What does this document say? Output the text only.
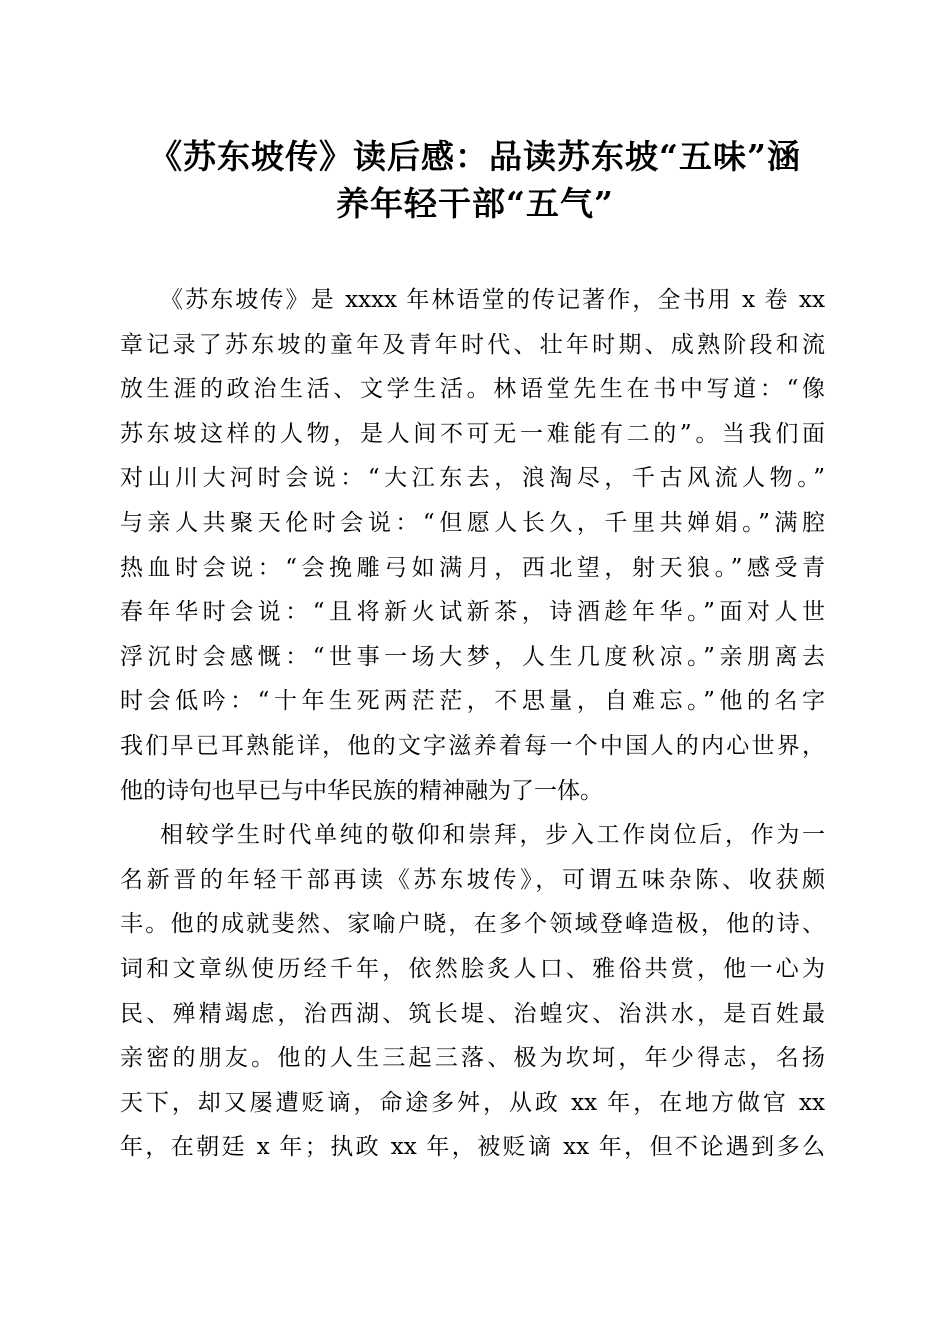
《苏东坡传》读后感：品读苏东坡“五味”涵
养年轻干部“五气”
《苏东坡传》是 xxxx 年林语堂的传记著作，全书用 x 卷 xx
章记录了苏东坡的童年及青年时代、壮年时期、成熟阶段和流
放生涯的政治生活、文学生活。林语堂先生在书中写道：“像
苏东坡这样的人物，是人间不可无一难能有二的”。当我们面
对山川大河时会说：“大江东去，浪淘尽，千古风流人物。”
与亲人共聚天伦时会说：“但愿人长久，千里共婵娟。”满腔
热血时会说：“会挽雕弓如满月，西北望，射天狼。”感受青
春年华时会说：“且将新火试新茶，诗酒趁年华。”面对人世
浮沉时会感慨：“世事一场大梦，人生几度秋凉。”亲朋离去
时会低吟：“十年生死两茫茫，不思量，自难忘。”他的名字
我们早已耳熟能详，他的文字滋养着每一个中国人的内心世界，
他的诗句也早已与中华民族的精神融为了一体。
相较学生时代单纯的敬仰和崇拜，步入工作岗位后，作为一
名新晋的年轻干部再读《苏东坡传》，可谓五味杂陈、收获颇
丰。他的成就斐然、家喻户晓，在多个领域登峰造极，他的诗、
词和文章纵使历经千年，依然脍炙人口、雅俗共赏，他一心为
民、殚精竭虑，治西湖、筑长堤、治蝗灾、治洪水，是百姓最
亲密的朋友。他的人生三起三落、极为坎坷，年少得志，名扬
天下，却又屡遭贬谪，命途多舛，从政 xx 年，在地方做官 xx
年，在朝廷 x 年；执政 xx 年，被贬谪 xx 年，但不论遇到多么
